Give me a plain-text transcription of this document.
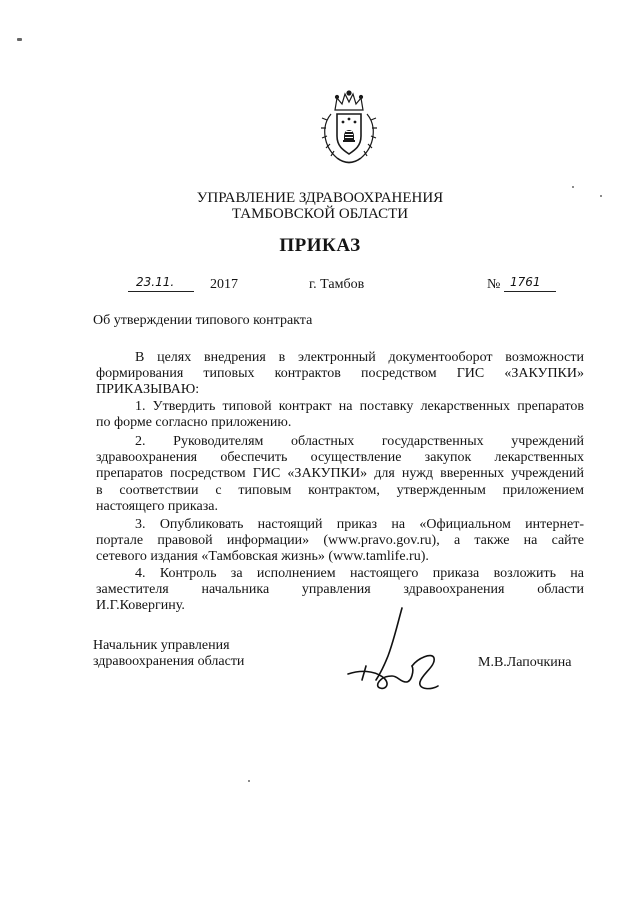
УПРАВЛЕНИЕ ЗДРАВООХРАНЕНИЯ
ТАМБОВСКОЙ ОБЛАСТИ
ПРИКАЗ
23.11.	2017	г. Тамбов	№ 1761
Об утверждении типового контракта
В целях внедрения в электронный документооборот возможности
формирования типовых контрактов посредством ГИС «ЗАКУПКИ»
ПРИКАЗЫВАЮ:
1. Утвердить типовой контракт на поставку лекарственных препаратов
по форме согласно приложению.
2. Руководителям областных государственных учреждений
здравоохранения обеспечить осуществление закупок лекарственных
препаратов посредством ГИС «ЗАКУПКИ» для нужд вверенных учреждений
в соответствии с типовым контрактом, утвержденным приложением
настоящего приказа.
3. Опубликовать настоящий приказ на «Официальном интернет-
портале правовой информации» (www.pravo.gov.ru), а также на сайте
сетевого издания «Тамбовская жизнь» (www.tamlife.ru).
4. Контроль за исполнением настоящего приказа возложить на
заместителя начальника управления здравоохранения области
И.Г.Ковергину.
Начальник управления
здравоохранения области	М.В.Лапочкина
